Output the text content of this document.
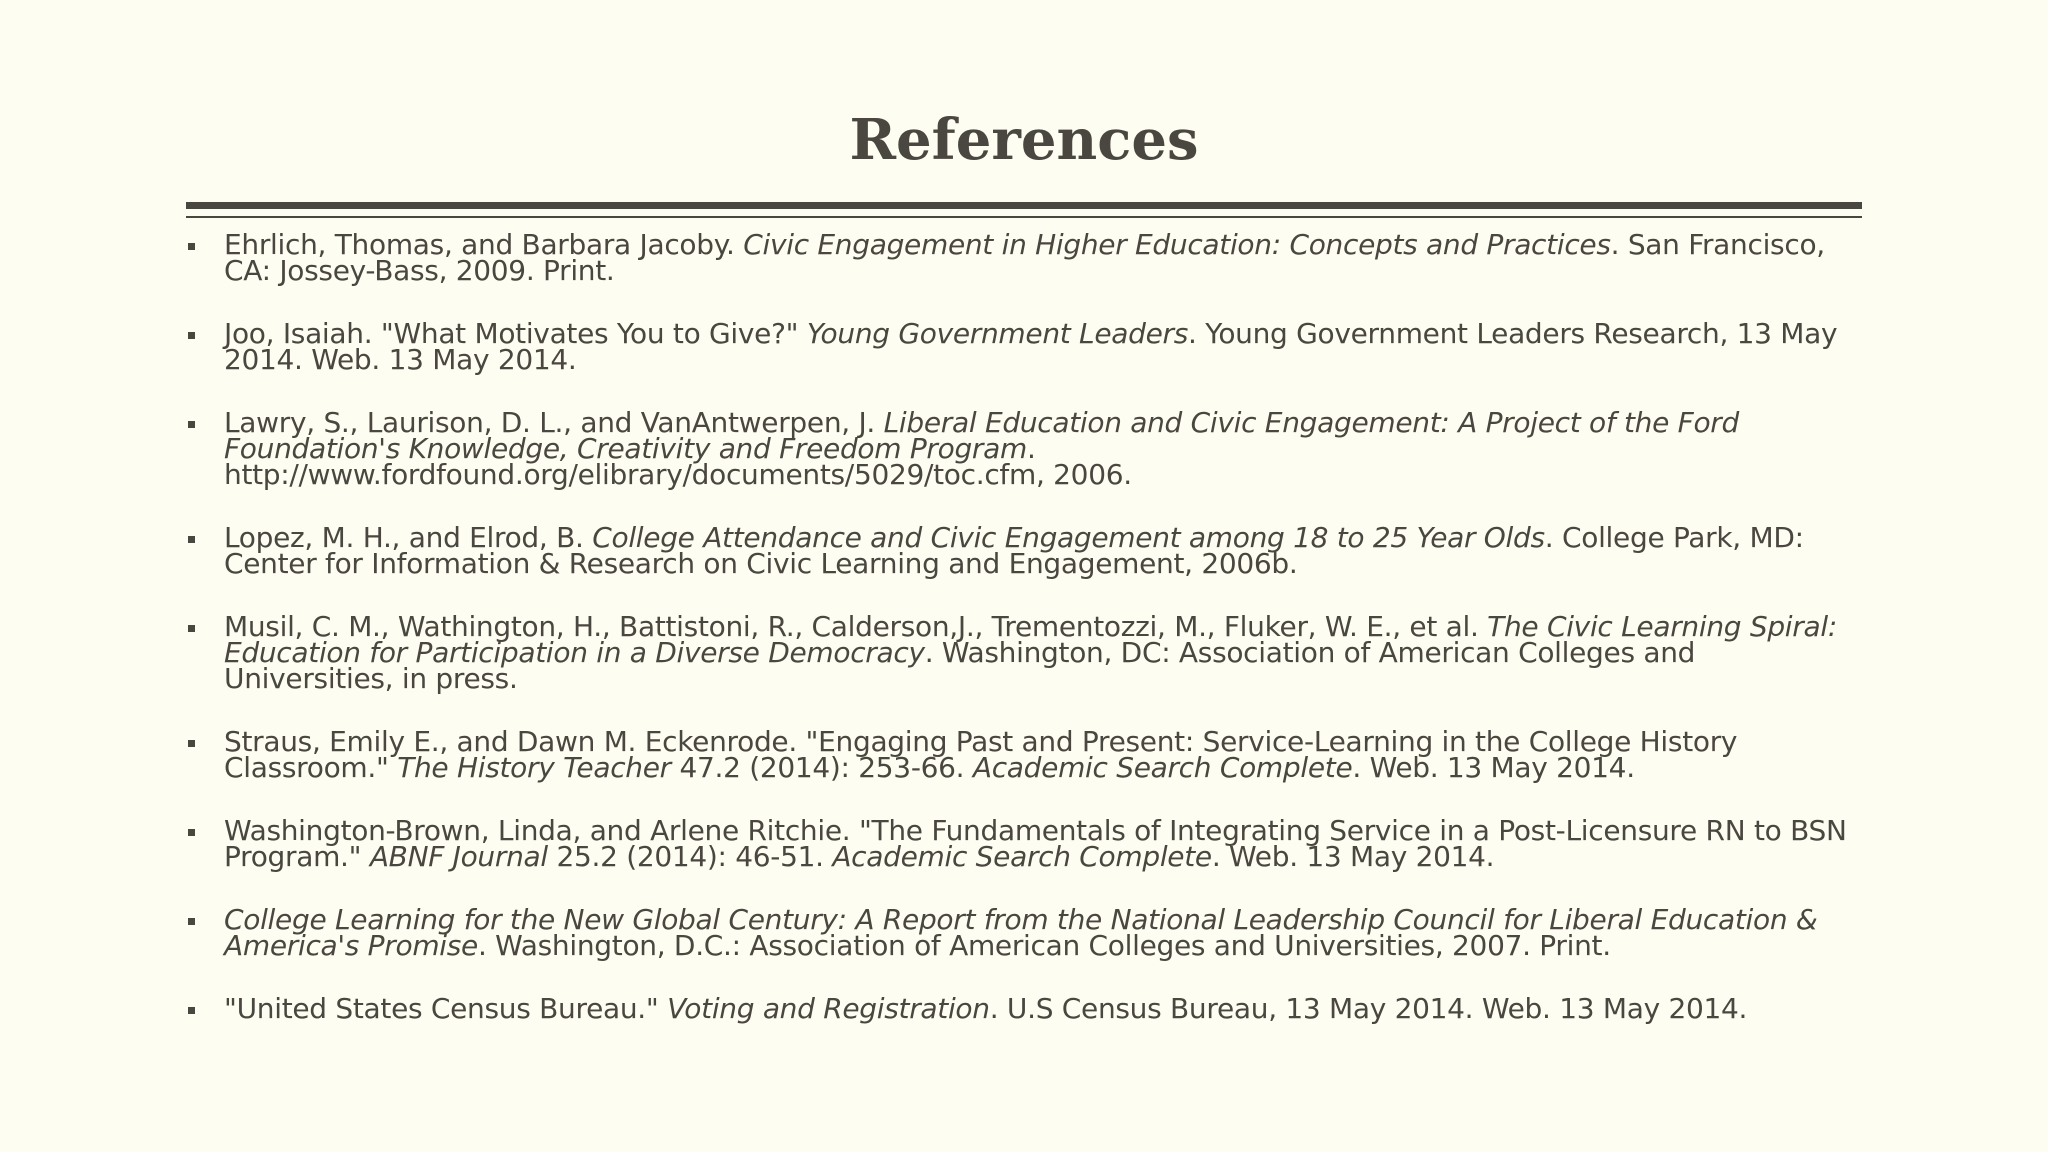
References
Ehrlich, Thomas, and Barbara Jacoby. Civic Engagement in Higher Education: Concepts and Practices. San Francisco, CA: Jossey-Bass, 2009. Print.
Joo, Isaiah. "What Motivates You to Give?" Young Government Leaders. Young Government Leaders Research, 13 May 2014. Web. 13 May 2014.
Lawry, S., Laurison, D. L., and VanAntwerpen, J. Liberal Education and Civic Engagement: A Project of the Ford Foundation's Knowledge, Creativity and Freedom Program. http://www.fordfound.org/elibrary/documents/5029/toc.cfm, 2006.
Lopez, M. H., and Elrod, B. College Attendance and Civic Engagement among 18 to 25 Year Olds. College Park, MD: Center for Information & Research on Civic Learning and Engagement, 2006b.
Musil, C. M., Wathington, H., Battistoni, R., Calderson,J., Trementozzi, M., Fluker, W. E., et al. The Civic Learning Spiral: Education for Participation in a Diverse Democracy. Washington, DC: Association of American Colleges and Universities, in press.
Straus, Emily E., and Dawn M. Eckenrode. "Engaging Past and Present: Service-Learning in the College History Classroom." The History Teacher 47.2 (2014): 253-66. Academic Search Complete. Web. 13 May 2014.
Washington-Brown, Linda, and Arlene Ritchie. "The Fundamentals of Integrating Service in a Post-Licensure RN to BSN Program." ABNF Journal 25.2 (2014): 46-51. Academic Search Complete. Web. 13 May 2014.
College Learning for the New Global Century: A Report from the National Leadership Council for Liberal Education & America's Promise. Washington, D.C.: Association of American Colleges and Universities, 2007. Print.
"United States Census Bureau." Voting and Registration. U.S Census Bureau, 13 May 2014. Web. 13 May 2014.
